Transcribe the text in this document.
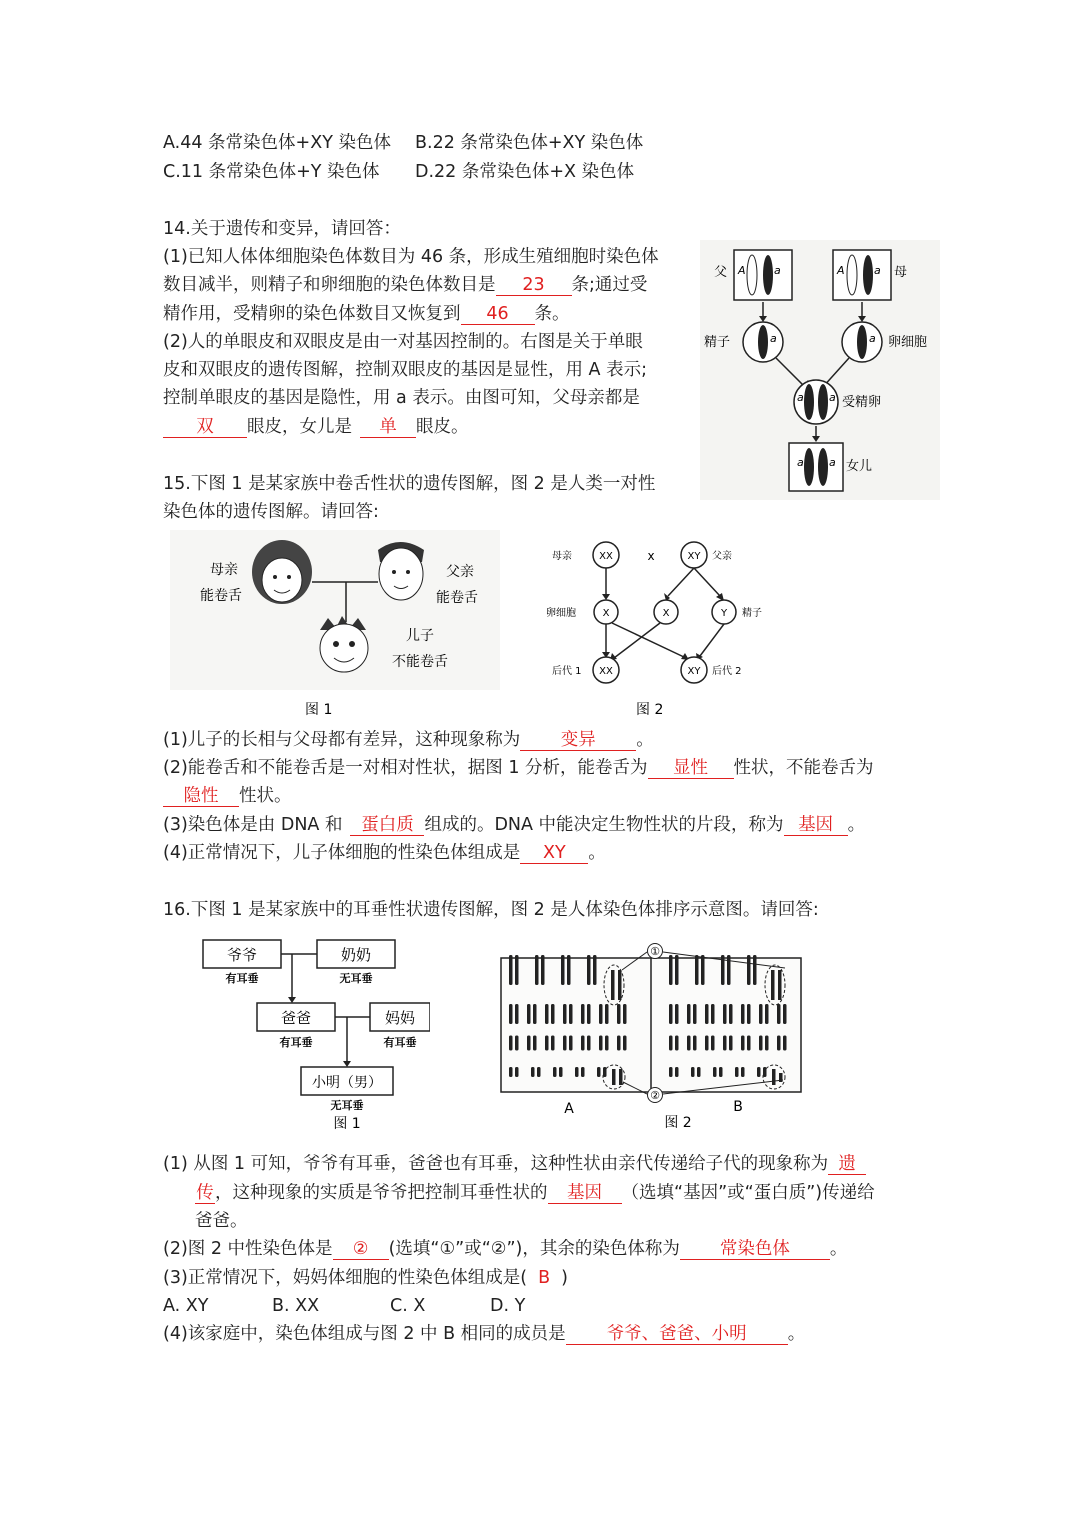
A.44 条常染色体+XY 染色体 B.22 条常染色体+XY 染色体
C.11 条常染色体+Y 染色体 D.22 条常染色体+X 染色体
14.关于遗传和变异，请回答：
(1)已知人体体细胞染色体数目为 46 条，形成生殖细胞时染色体
数目减半，则精子和卵细胞的染色体数目是 23 条;通过受
精作用，受精卵的染色体数目又恢复到 46 条。
(2)人的单眼皮和双眼皮是由一对基因控制的。右图是关于单眼
皮和双眼皮的遗传图解，控制双眼皮的基因是显性，用 A 表示;
控制单眼皮的基因是隐性，用 a 表示。由图可知，父母亲都是
双 眼皮，女儿是 单 眼皮。
父 A	a	A	a 母
精子	a	a 卵细胞
a a 受精卵
a a 女儿
15.下图 1 是某家族中卷舌性状的遗传图解，图 2 是人类一对性
染色体的遗传图解。请回答:
母亲
能卷舌
父亲
能卷舌
儿子
不能卷舌
图 1
母亲	XX	x	XY 父亲
卵细胞	X	X	Y 精子
后代 1 XX	XY 后代 2
图 2
(1)儿子的长相与父母都有差异，这种现象称为 变异 。
(2)能卷舌和不能卷舌是一对相对性状，据图 1 分析，能卷舌为 显性 性状，不能卷舌为
隐性 性状。
(3)染色体是由 DNA 和 蛋白质 组成的。DNA 中能决定生物性状的片段，称为 基因 。
(4)正常情况下，儿子体细胞的性染色体组成是 XY 。
16.下图 1 是某家族中的耳垂性状遗传图解，图 2 是人体染色体排序示意图。请回答:
爷爷
有耳垂
奶奶
无耳垂
爸爸
有耳垂
妈妈
有耳垂
小明（男）
无耳垂
图 1
①
②
A	B
图 2
(1) 从图 1 可知，爷爷有耳垂，爸爸也有耳垂，这种性状由亲代传递给子代的现象称为 遗
传，这种现象的实质是爷爷把控制耳垂性状的 基因 （选填“基因”或“蛋白质”)传递给
爸爸。
(2)图 2 中性染色体是 ② (选填“①”或“②”)，其余的染色体称为 常染色体 。
(3)正常情况下，妈妈体细胞的性染色体组成是( B )
A. XY	B. XX	C. X	D. Y
(4)该家庭中，染色体组成与图 2 中 B 相同的成员是 爷爷、爸爸、小明 。
